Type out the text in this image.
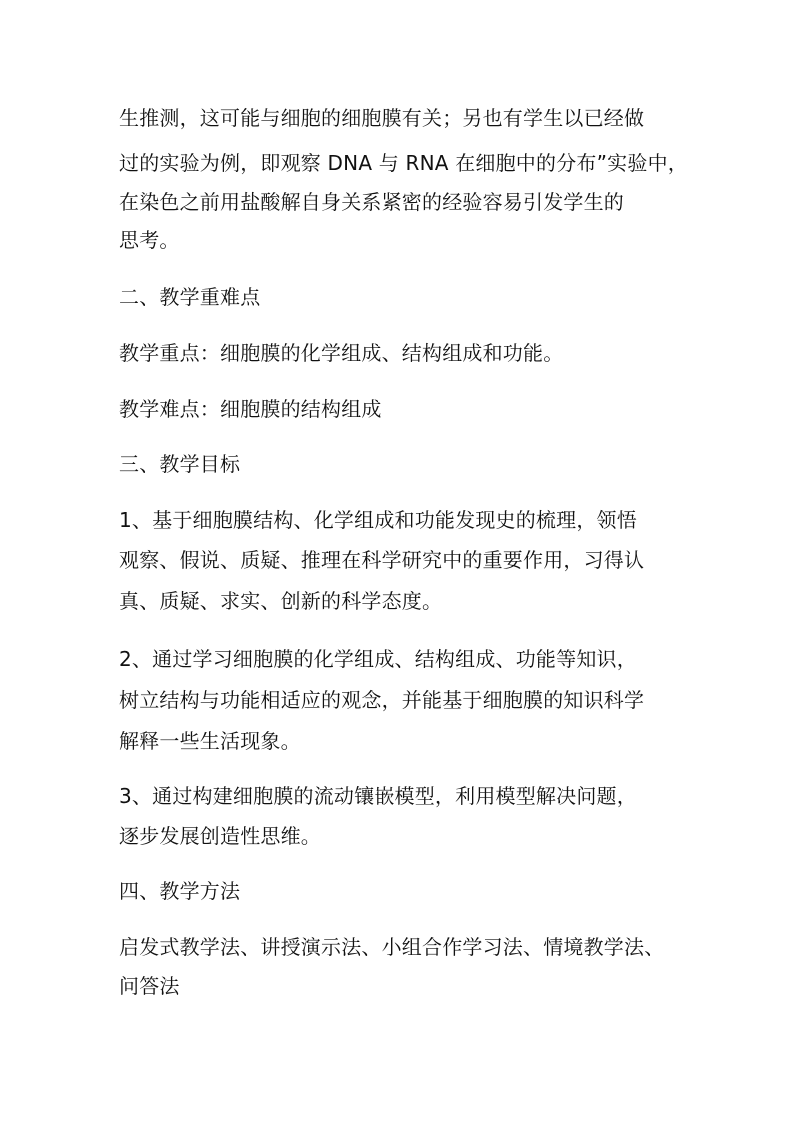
生推测，这可能与细胞的细胞膜有关；另也有学生以已经做
过的实验为例，即观察 DNA 与 RNA 在细胞中的分布”实验中，
在染色之前用盐酸解自身关系紧密的经验容易引发学生的
思考。
二、教学重难点
教学重点：细胞膜的化学组成、结构组成和功能。
教学难点：细胞膜的结构组成
三、教学目标
1、基于细胞膜结构、化学组成和功能发现史的梳理，领悟
观察、假说、质疑、推理在科学研究中的重要作用，习得认
真、质疑、求实、创新的科学态度。
2、通过学习细胞膜的化学组成、结构组成、功能等知识，
树立结构与功能相适应的观念，并能基于细胞膜的知识科学
解释一些生活现象。
3、通过构建细胞膜的流动镶嵌模型，利用模型解决问题，
逐步发展创造性思维。
四、教学方法
启发式教学法、讲授演示法、小组合作学习法、情境教学法、
问答法
